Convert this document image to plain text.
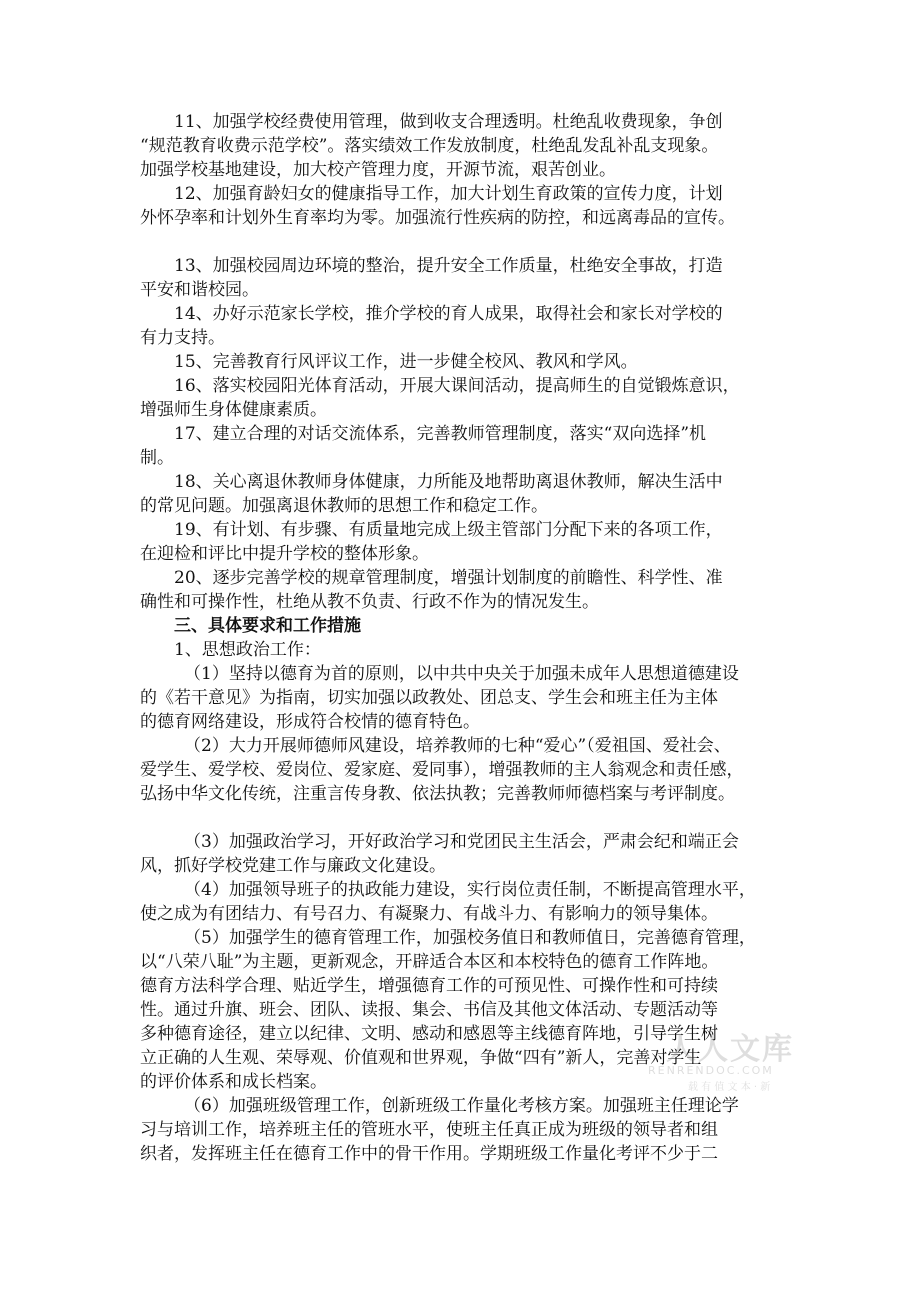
11、加强学校经费使用管理，做到收支合理透明。杜绝乱收费现象，争创
“规范教育收费示范学校”。落实绩效工作发放制度，杜绝乱发乱补乱支现象。
加强学校基地建设，加大校产管理力度，开源节流，艰苦创业。
12、加强育龄妇女的健康指导工作，加大计划生育政策的宣传力度，计划
外怀孕率和计划外生育率均为零。加强流行性疾病的防控，和远离毒品的宣传。
13、加强校园周边环境的整治，提升安全工作质量，杜绝安全事故，打造
平安和谐校园。
14、办好示范家长学校，推介学校的育人成果，取得社会和家长对学校的
有力支持。
15、完善教育行风评议工作，进一步健全校风、教风和学风。
16、落实校园阳光体育活动，开展大课间活动，提高师生的自觉锻炼意识，
增强师生身体健康素质。
17、建立合理的对话交流体系，完善教师管理制度，落实“双向选择”机
制。
18、关心离退休教师身体健康，力所能及地帮助离退休教师，解决生活中
的常见问题。加强离退休教师的思想工作和稳定工作。
19、有计划、有步骤、有质量地完成上级主管部门分配下来的各项工作，
在迎检和评比中提升学校的整体形象。
20、逐步完善学校的规章管理制度，增强计划制度的前瞻性、科学性、准
确性和可操作性，杜绝从教不负责、行政不作为的情况发生。
三、具体要求和工作措施
1、思想政治工作：
（1）坚持以德育为首的原则，以中共中央关于加强未成年人思想道德建设
的《若干意见》为指南，切实加强以政教处、团总支、学生会和班主任为主体
的德育网络建设，形成符合校情的德育特色。
（2）大力开展师德师风建设，培养教师的七种“爱心”（爱祖国、爱社会、
爱学生、爱学校、爱岗位、爱家庭、爱同事），增强教师的主人翁观念和责任感，
弘扬中华文化传统，注重言传身教、依法执教；完善教师师德档案与考评制度。
（3）加强政治学习，开好政治学习和党团民主生活会，严肃会纪和端正会
风，抓好学校党建工作与廉政文化建设。
（4）加强领导班子的执政能力建设，实行岗位责任制，不断提高管理水平，
使之成为有团结力、有号召力、有凝聚力、有战斗力、有影响力的领导集体。
（5）加强学生的德育管理工作，加强校务值日和教师值日，完善德育管理，
以“八荣八耻”为主题，更新观念，开辟适合本区和本校特色的德育工作阵地。
德育方法科学合理、贴近学生，增强德育工作的可预见性、可操作性和可持续
性。通过升旗、班会、团队、读报、集会、书信及其他文体活动、专题活动等
多种德育途径，建立以纪律、文明、感动和感恩等主线德育阵地，引导学生树
立正确的人生观、荣辱观、价值观和世界观，争做“四有”新人，完善对学生
的评价体系和成长档案。
（6）加强班级管理工作，创新班级工作量化考核方案。加强班主任理论学
习与培训工作，培养班主任的管班水平，使班主任真正成为班级的领导者和组
织者，发挥班主任在德育工作中的骨干作用。学期班级工作量化考评不少于二
人人文库
RENRENDOC.COM
载 有 值 文 本 · 新
